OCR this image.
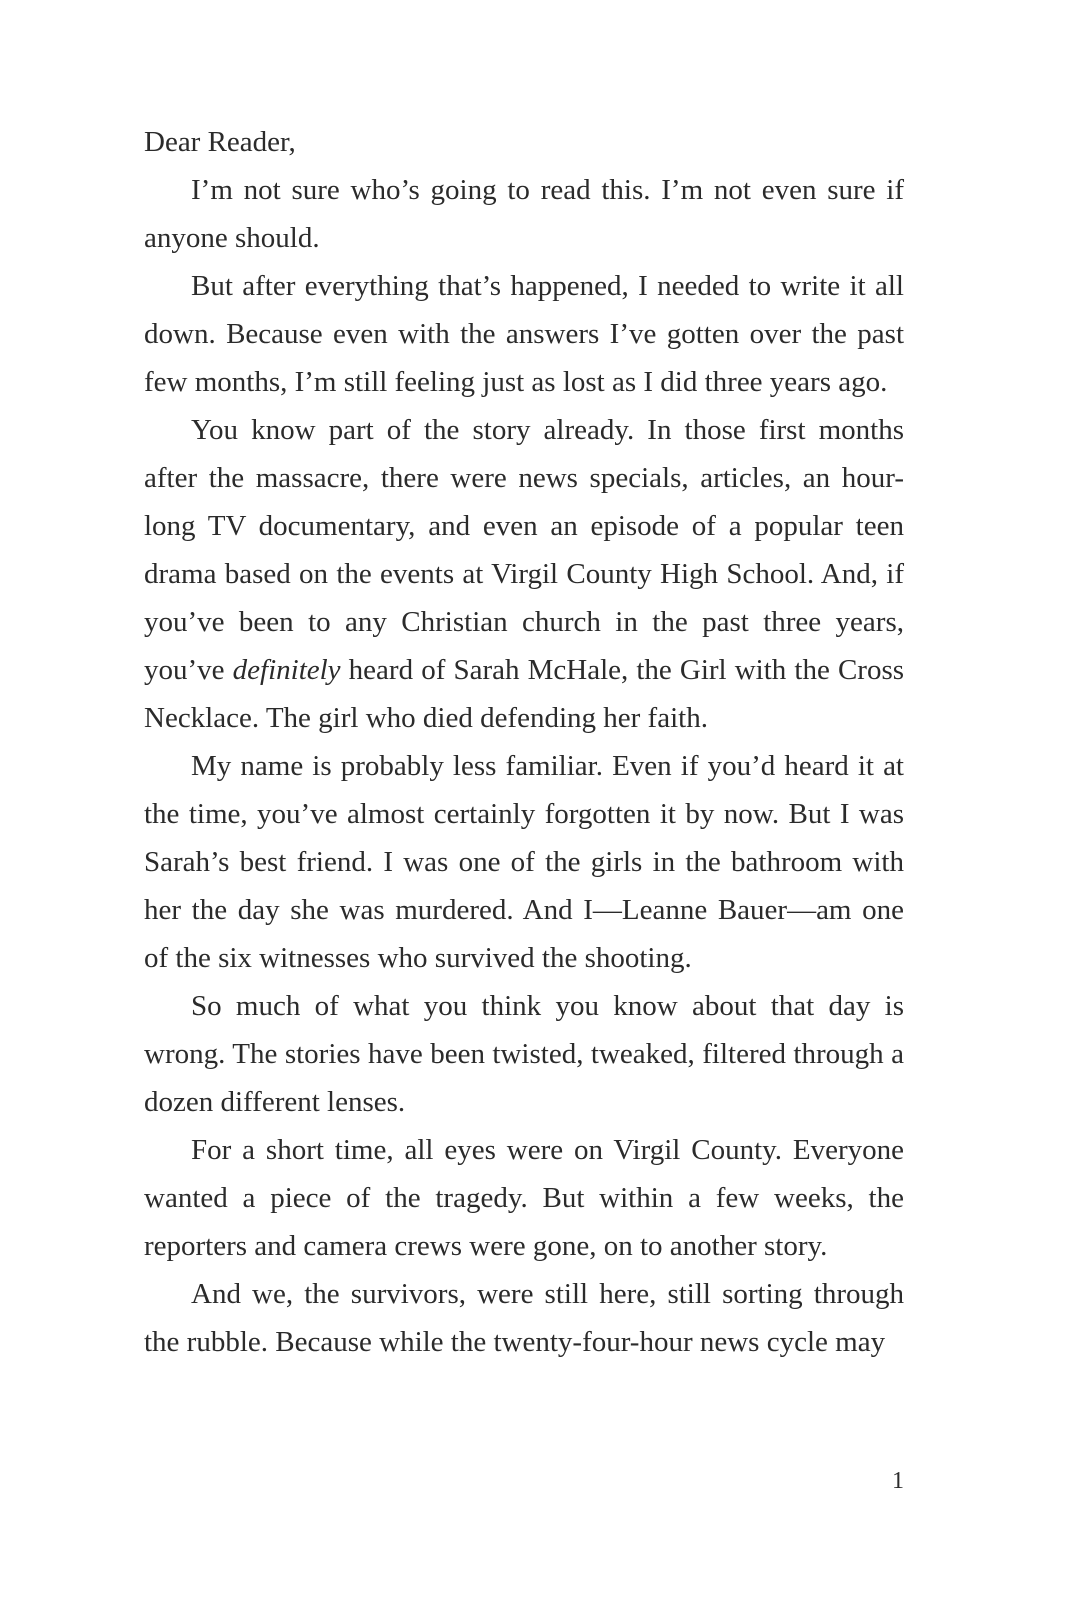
Dear Reader,

I’m not sure who’s going to read this. I’m not even sure if anyone should.

But after everything that’s happened, I needed to write it all down. Because even with the answers I’ve gotten over the past few months, I’m still feeling just as lost as I did three years ago.

You know part of the story already. In those first months after the massacre, there were news specials, articles, an hour-long TV documentary, and even an episode of a popular teen drama based on the events at Virgil County High School. And, if you’ve been to any Christian church in the past three years, you’ve definitely heard of Sarah McHale, the Girl with the Cross Necklace. The girl who died defending her faith.

My name is probably less familiar. Even if you’d heard it at the time, you’ve almost certainly forgotten it by now. But I was Sarah’s best friend. I was one of the girls in the bathroom with her the day she was murdered. And I—Leanne Bauer—am one of the six witnesses who survived the shooting.

So much of what you think you know about that day is wrong. The stories have been twisted, tweaked, filtered through a dozen different lenses.

For a short time, all eyes were on Virgil County. Everyone wanted a piece of the tragedy. But within a few weeks, the reporters and camera crews were gone, on to another story.

And we, the survivors, were still here, still sorting through the rubble. Because while the twenty-four-hour news cycle may

1
